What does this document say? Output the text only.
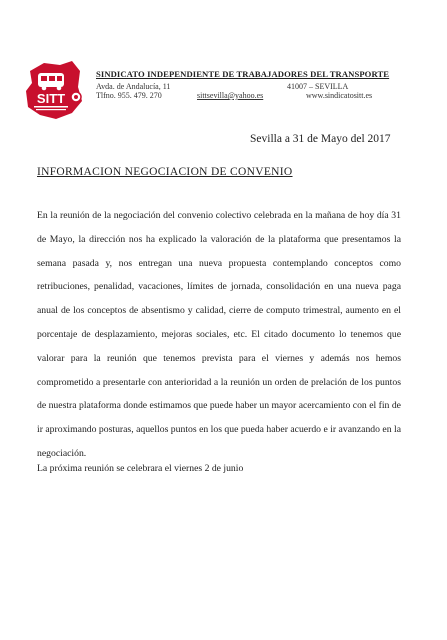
SITT
SINDICATO INDEPENDIENTE DE TRABAJADORES DEL TRANSPORTE
Avda. de Andalucía, 11	41007 – SEVILLA
Tlfno. 955. 479. 270	sittsevilla@yahoo.es	www.sindicatositt.es
Sevilla a 31 de Mayo del 2017
INFORMACION NEGOCIACION DE CONVENIO

En la reunión de la negociación del convenio colectivo celebrada en la mañana de hoy día 31 de Mayo, la dirección nos ha explicado la valoración de la plataforma que presentamos la semana pasada y, nos entregan una nueva propuesta contemplando conceptos como retribuciones, penalidad, vacaciones, límites de jornada, consolidación en una nueva paga anual de los conceptos de absentismo y calidad, cierre de computo trimestral, aumento en el porcentaje de desplazamiento, mejoras sociales, etc. El citado documento lo tenemos que valorar para la reunión que tenemos prevista para el viernes y además nos hemos comprometido a presentarle con anterioridad a la reunión un orden de prelación de los puntos de nuestra plataforma donde estimamos que puede haber un mayor acercamiento con el fin de ir aproximando posturas, aquellos puntos en los que pueda haber acuerdo e ir avanzando en la negociación.

La próxima reunión se celebrara el viernes 2 de junio
